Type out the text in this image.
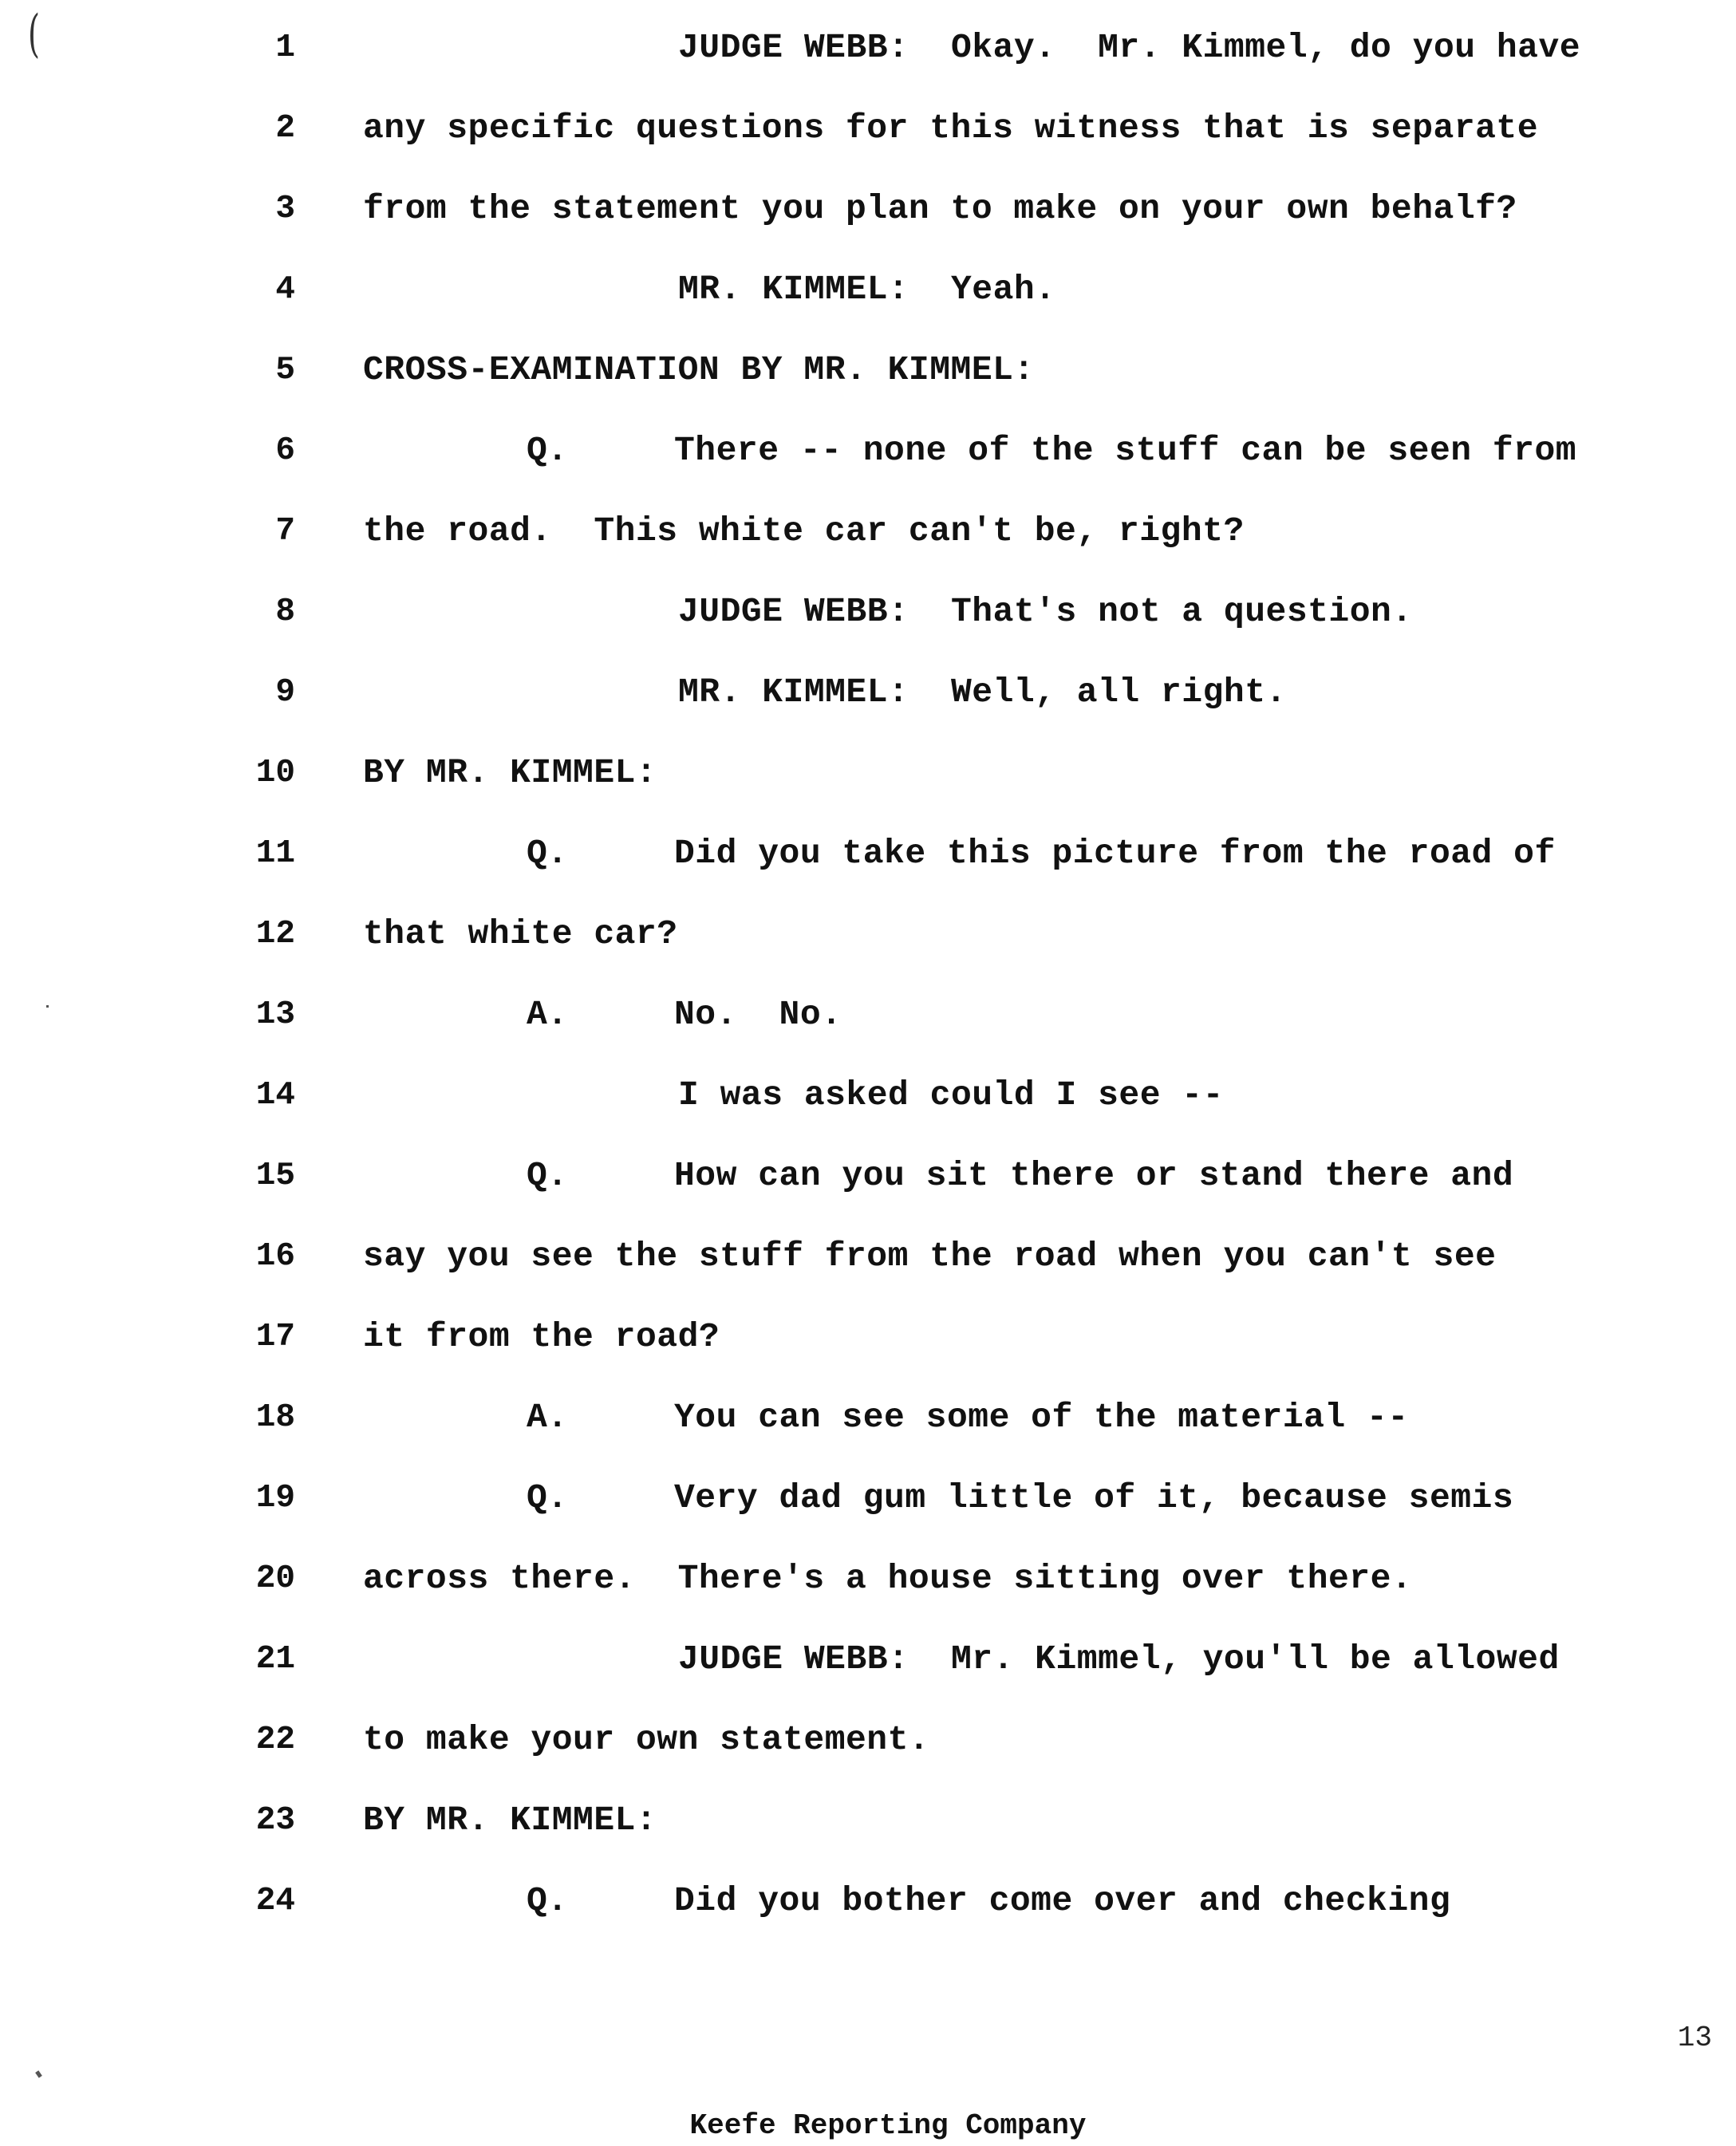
(	1	JUDGE WEBB:  Okay.  Mr. Kimmel, do you have
2 any specific questions for this witness that is separate
3 from the statement you plan to make on your own behalf?
4	MR. KIMMEL:  Yeah.
5 CROSS-EXAMINATION BY MR. KIMMEL:
6	Q.	There -- none of the stuff can be seen from
7 the road.  This white car can't be, right?
8	JUDGE WEBB:  That's not a question.
9	MR. KIMMEL:  Well, all right.
10 BY MR. KIMMEL:
11	Q.	Did you take this picture from the road of
12 that white car?
13	A.	No.  No.
14	I was asked could I see --
15	Q.	How can you sit there or stand there and
16 say you see the stuff from the road when you can't see
17 it from the road?
18	A.	You can see some of the material --
19	Q.	Very dad gum little of it, because semis
20 across there.  There's a house sitting over there.
21	JUDGE WEBB:  Mr. Kimmel, you'll be allowed
22 to make your own statement.
23 BY MR. KIMMEL:
24	Q.	Did you bother come over and checking
13
Keefe Reporting Company
